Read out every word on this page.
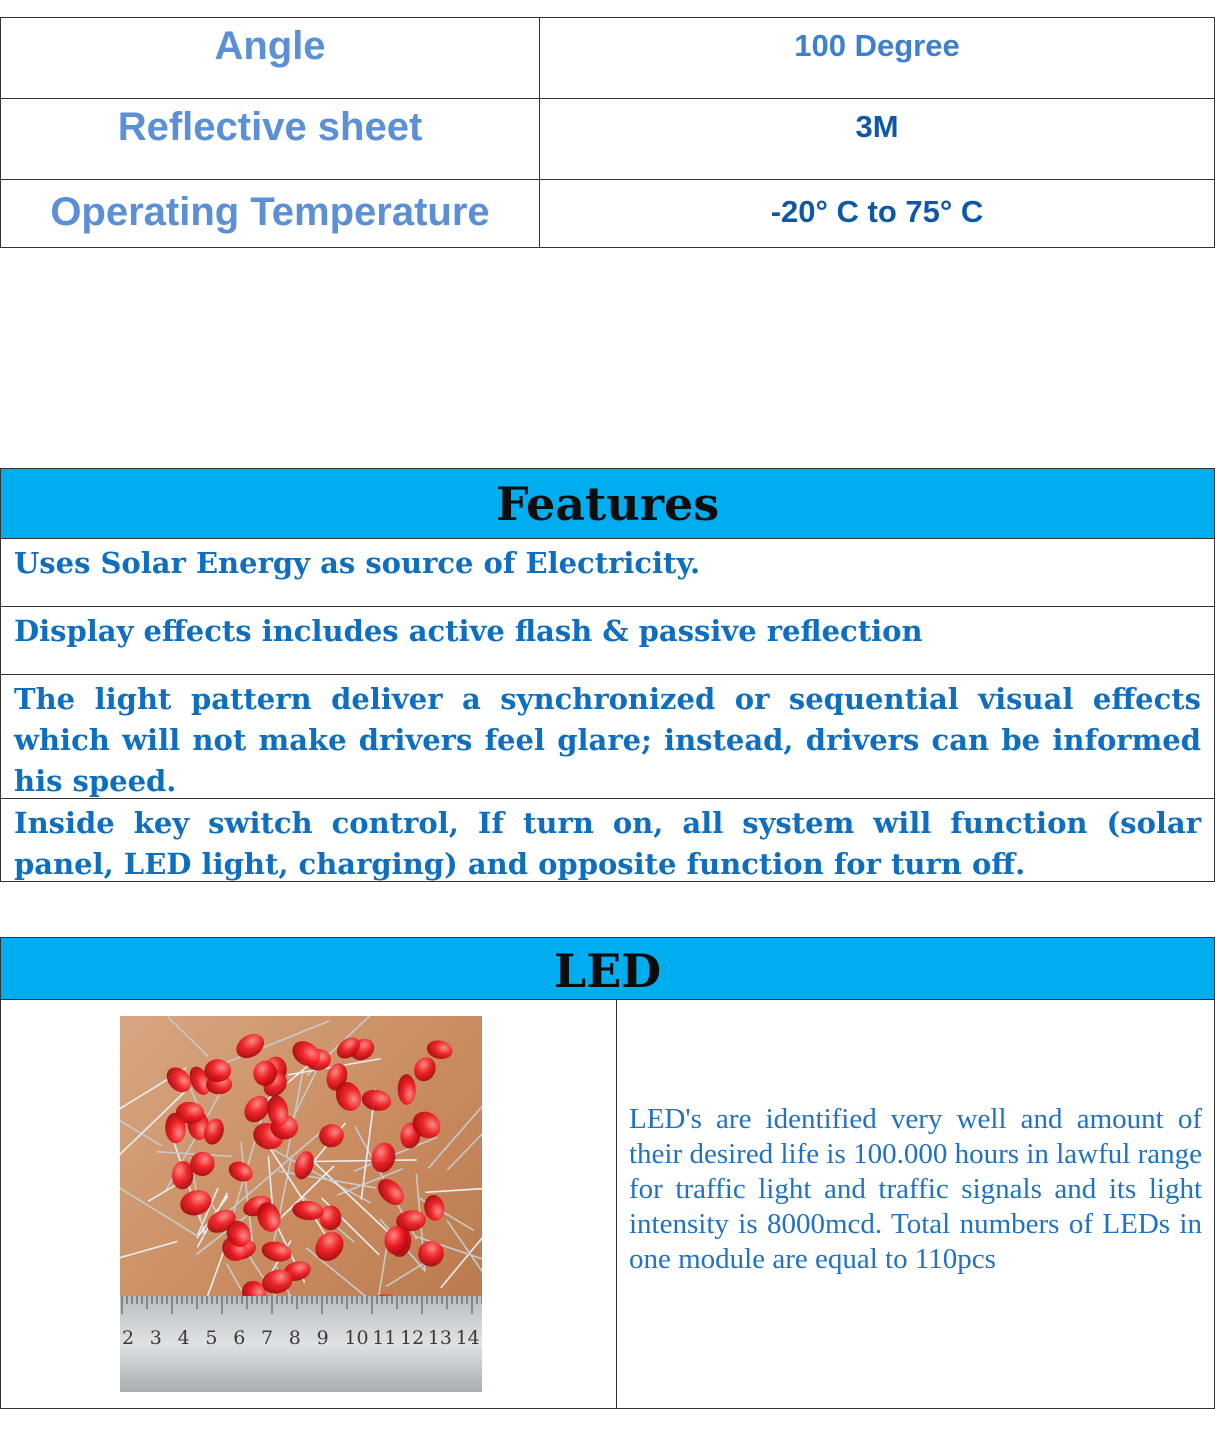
Angle	100 Degree
Reflective sheet	3M
Operating Temperature	-20° C to 75° C
Features
Uses Solar Energy as source of Electricity.
Display effects includes active flash & passive reflection
The light pattern deliver a synchronized or sequential visual effects which will not make drivers feel glare; instead, drivers can be informed his speed.
Inside key switch control, If turn on, all system will function (solar panel, LED light, charging) and opposite function for turn off.
LED
2 3 4 5 6 7 8 9 10 11 12 13 14
LED's are identified very well and amount of their desired life is 100.000 hours in lawful range for traffic light and traffic signals and its light intensity is 8000mcd. Total numbers of LEDs in one module are equal to 110pcs
